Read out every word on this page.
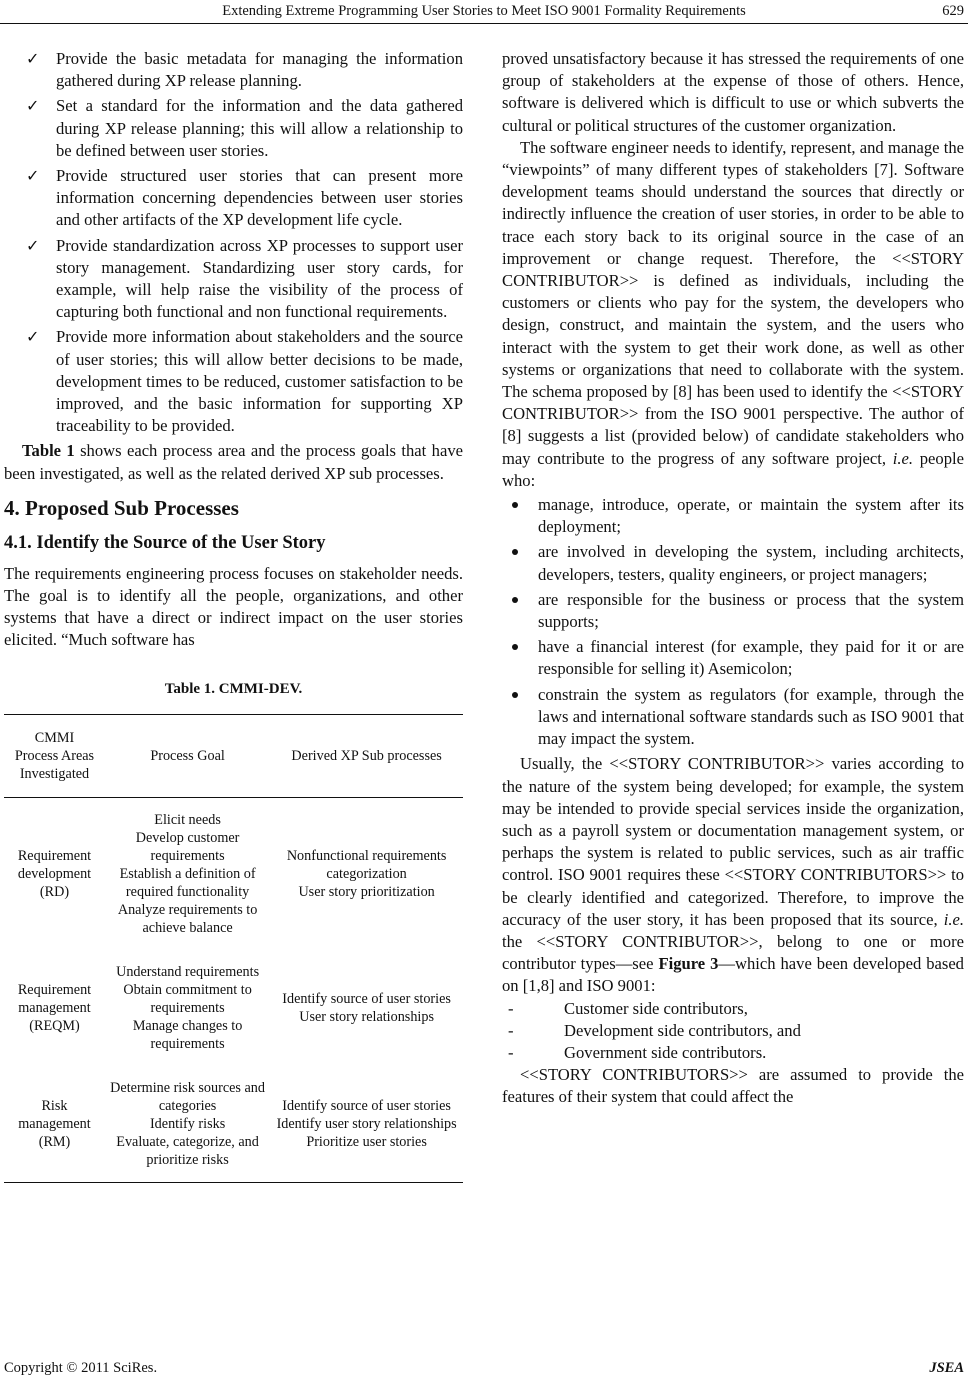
Extending Extreme Programming User Stories to Meet ISO 9001 Formality Requirements	629
✓ Provide the basic metadata for managing the information gathered during XP release planning.
✓ Set a standard for the information and the data gathered during XP release planning; this will allow a relationship to be defined between user stories.
✓ Provide structured user stories that can present more information concerning dependencies between user stories and other artifacts of the XP development life cycle.
✓ Provide standardization across XP processes to support user story management. Standardizing user story cards, for example, will help raise the visibility of the process of capturing both functional and non functional requirements.
✓ Provide more information about stakeholders and the source of user stories; this will allow better decisions to be made, development times to be reduced, customer satisfaction to be improved, and the basic information for supporting XP traceability to be provided.

Table 1 shows each process area and the process goals that have been investigated, as well as the related derived XP sub processes.

4. Proposed Sub Processes
4.1. Identify the Source of the User Story

The requirements engineering process focuses on stakeholder needs. The goal is to identify all the people, organizations, and other systems that have a direct or indirect impact on the user stories elicited. “Much software has

Table 1. CMMI-DEV.
CMMI Process Areas Investigated	Process Goal	Derived XP Sub processes

Requirement development (RD)	Elicit needs
Develop customer requirements
Establish a definition of required functionality
Analyze requirements to achieve balance	Nonfunctional requirements categorization
User story prioritization

Requirement management (REQM)	Understand requirements
Obtain commitment to requirements
Manage changes to requirements	Identify source of user stories
User story relationships

Risk management (RM)	Determine risk sources and categories
Identify risks
Evaluate, categorize, and prioritize risks	Identify source of user stories
Identify user story relationships
Prioritize user stories

proved unsatisfactory because it has stressed the requirements of one group of stakeholders at the expense of those of others. Hence, software is delivered which is difficult to use or which subverts the cultural or political structures of the customer organization.

The software engineer needs to identify, represent, and manage the “viewpoints” of many different types of stakeholders [7]. Software development teams should understand the sources that directly or indirectly influence the creation of user stories, in order to be able to trace each story back to its original source in the case of an improvement or change request. Therefore, the <<STORY CONTRIBUTOR>> is defined as individuals, including the customers or clients who pay for the system, the developers who design, construct, and maintain the system, and the users who interact with the system to get their work done, as well as other systems or organizations that need to collaborate with the system. The schema proposed by [8] has been used to identify the <<STORY CONTRIBUTOR>> from the ISO 9001 perspective. The author of [8] suggests a list (provided below) of candidate stakeholders who may contribute to the progress of any software project, i.e. people who:

manage, introduce, operate, or maintain the system after its deployment;
are involved in developing the system, including architects, developers, testers, quality engineers, or project managers;
are responsible for the business or process that the system supports;
have a financial interest (for example, they paid for it or are responsible for selling it) Asemicolon;
constrain the system as regulators (for example, through the laws and international software standards such as ISO 9001 that may impact the system.

Usually, the <<STORY CONTRIBUTOR>> varies according to the nature of the system being developed; for example, the system may be intended to provide special services inside the organization, such as a payroll system or documentation management system, or perhaps the system is related to public services, such as air traffic control. ISO 9001 requires these <<STORY CONTRIBUTORS>> to be clearly identified and categorized. Therefore, to improve the accuracy of the user story, it has been proposed that its source, i.e. the <<STORY CONTRIBUTOR>>, belong to one or more contributor types—see Figure 3—which have been developed based on [1,8] and ISO 9001:

-	Customer side contributors,
-	Development side contributors, and
-	Government side contributors.

<<STORY CONTRIBUTORS>> are assumed to provide the features of their system that could affect the

Copyright © 2011 SciRes.	JSEA
